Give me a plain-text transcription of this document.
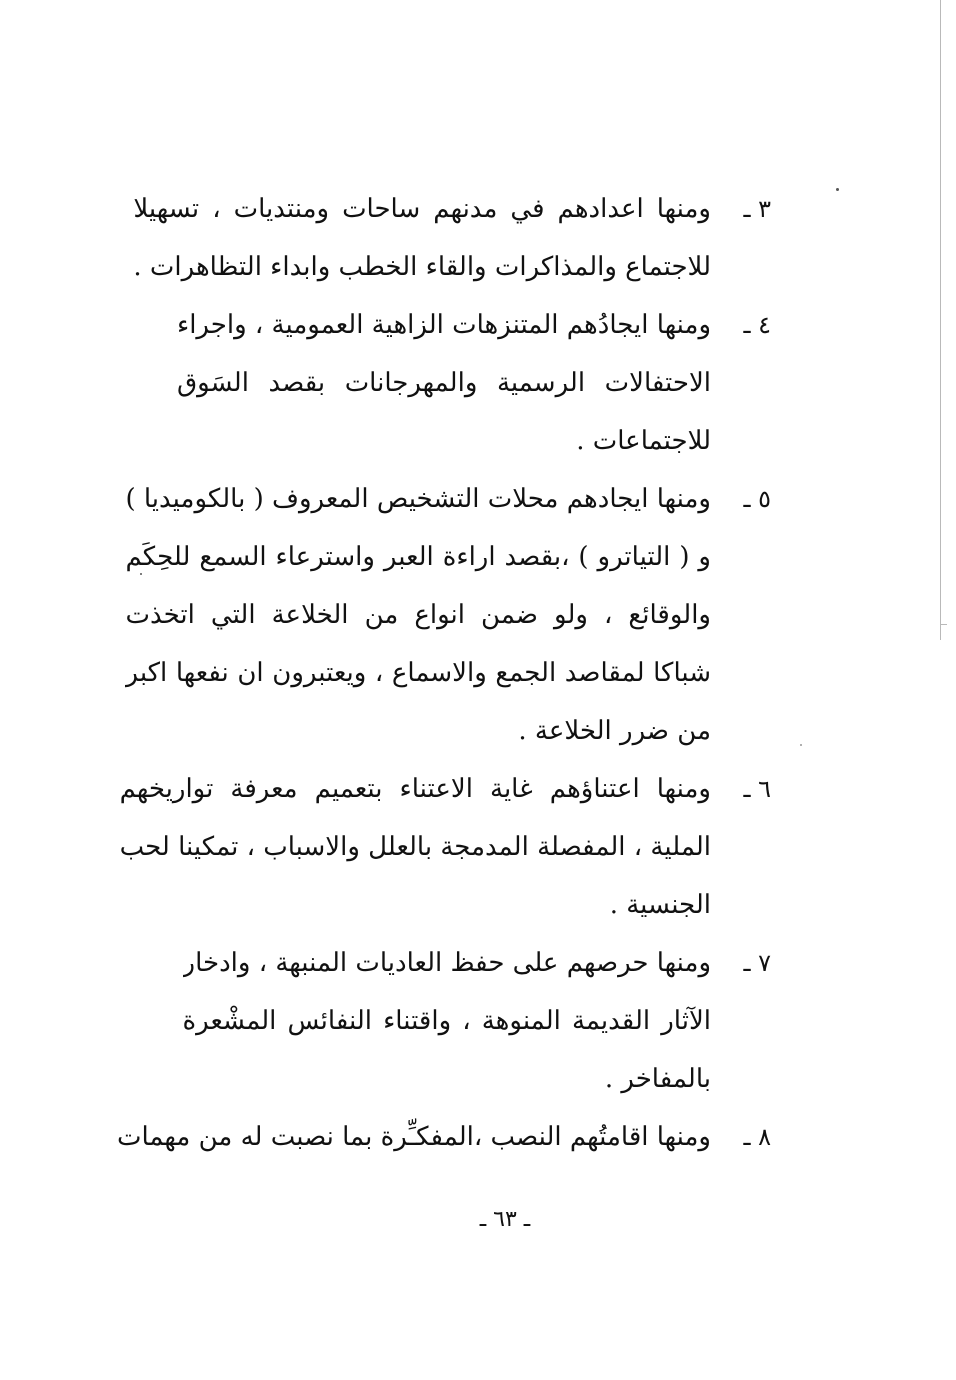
٣ ـ
ومنها اعدادهم في مدنهم ساحات ومنتديات ، تسهيلا
للاجتماع والمذاكرات والقاء الخطب وابداء التظاهرات .
٤ ـ
ومنها ايجادُهم المتنزهات الزاهية العمومية ، واجراء
الاحتفالات الرسمية والمهرجانات بقصد السَوق
للاجتماعات .
٥ ـ
ومنها ايجادهم محلات التشخيص المعروف ( بالكوميديا )
و ( التياترو ) ،بقصد اراءة العبر واسترعاء السمع للحِكَم
والوقائع ، ولو ضمن انواع من الخلاعة التي اتخذت
شباكا لمقاصد الجمع والاسماع ، ويعتبرون ان نفعها اكبر
من ضرر الخلاعة .
٦ ـ
ومنها اعتناؤهم غاية الاعتناء بتعميم معرفة تواريخهم
الملية ، المفصلة المدمجة بالعلل والاسباب ، تمكينا لحب
الجنسية .
٧ ـ
ومنها حرصهم على حفظ العاديات المنبهة ، وادخار
الآثار القديمة المنوهة ، واقتناء النفائس المشْعرة
بالمفاخر .
٨ ـ
ومنها اقامتُهم النصب ،المفكـِّرة بما نصبت له من مهمات
ـ ٦٣ ـ
